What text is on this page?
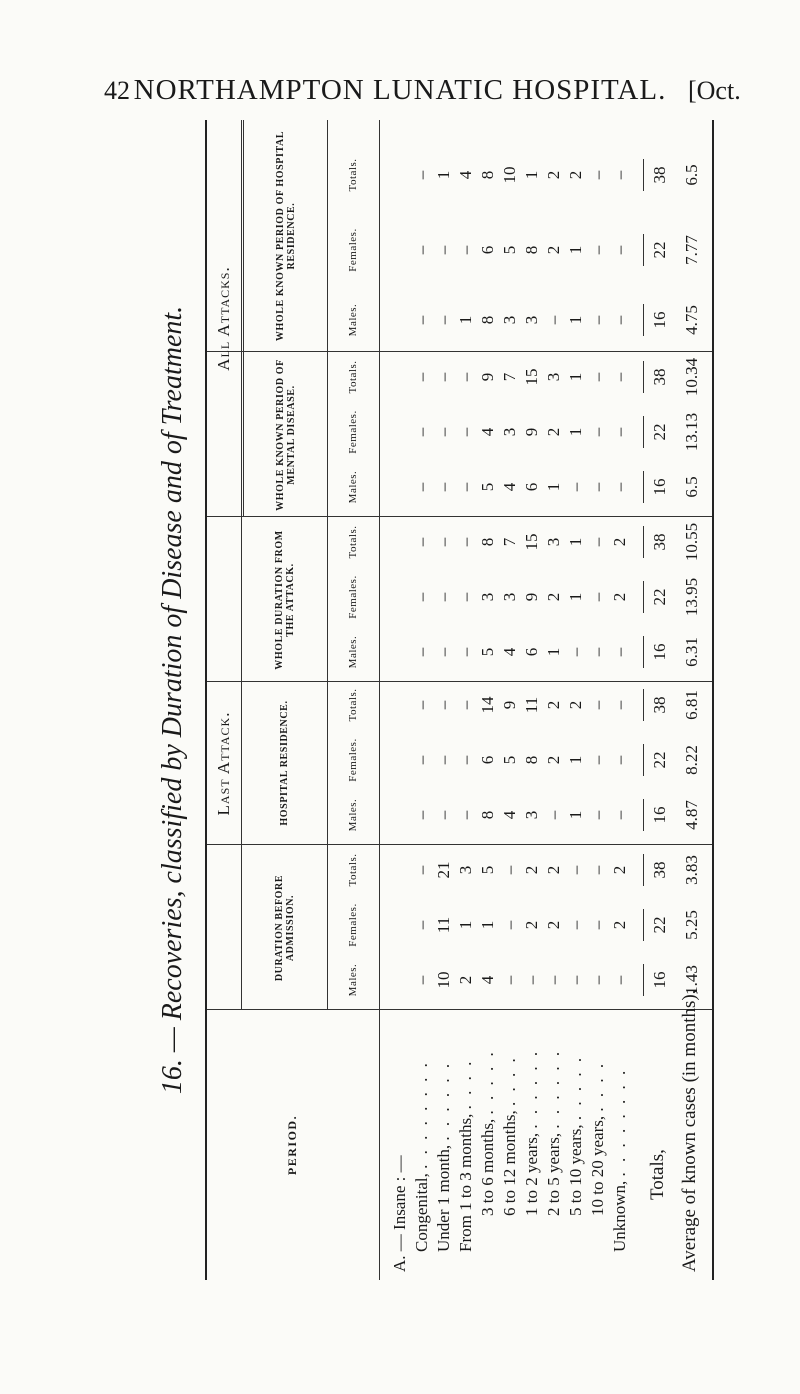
42 NORTHAMPTON LUNATIC HOSPITAL. [Oct.
16. — Recoveries, classified by Duration of Disease and of Treatment.
PERIOD.
Last Attack.
All Attacks.
DURATION BEFORE ADMISSION.
HOSPITAL RESIDENCE.
WHOLE DURATION FROM THE ATTACK.
WHOLE KNOWN PERIOD OF MENTAL DISEASE.
WHOLE KNOWN PERIOD OF HOSPITAL RESIDENCE.
Males.
Females.
Totals.
Males.
Females.
Totals.
Males.
Females.
Totals.
Males.
Females.
Totals.
Males.
Females.
Totals.
A. — Insane : — Congenital, . . . . . . . .
Under 1 month, . . . . . .
From 1 to 3 months, . . . .
3 to 6 months, . . . . .
6 to 12 months, . . . .
1 to 2 years, . . . . . .
2 to 5 years, . . . . . .
5 to 10 years, . . . . .
10 to 20 years, . . . .
Unknown, . . . . . . . . Totals, Average of known cases (in months),
–
–
–
–
–
–
–
–
–
–
–
–
–
–
–
10
11
21
–
–
–
–
–
–
–
–
–
–
–
1
2
1
3
–
–
–
–
–
–
–
–
–
1
–
4
4
1
5
8
6
14
5
3
8
5
4
9
8
6
8
–
–
–
4
5
9
4
3
7
4
3
7
3
5
10
–
2
2
3
8
11
6
9
15
6
9
15
3
8
1
–
2
2
–
2
2
1
2
3
1
2
3
–
2
2
–
–
–
1
1
2
–
1
1
–
1
1
1
1
2
–
–
–
–
–
–
–
–
–
–
–
–
–
–
–
–
2
2
–
–
–
–
2
2
–
–
–
–
–
–
16 1.43
22 5.25
38 3.83
16 4.87
22 8.22
38 6.81
16 6.31
22 13.95
38 10.55
16 6.5
22 13.13
38 10.34
16 4.75
22 7.77
38 6.5
